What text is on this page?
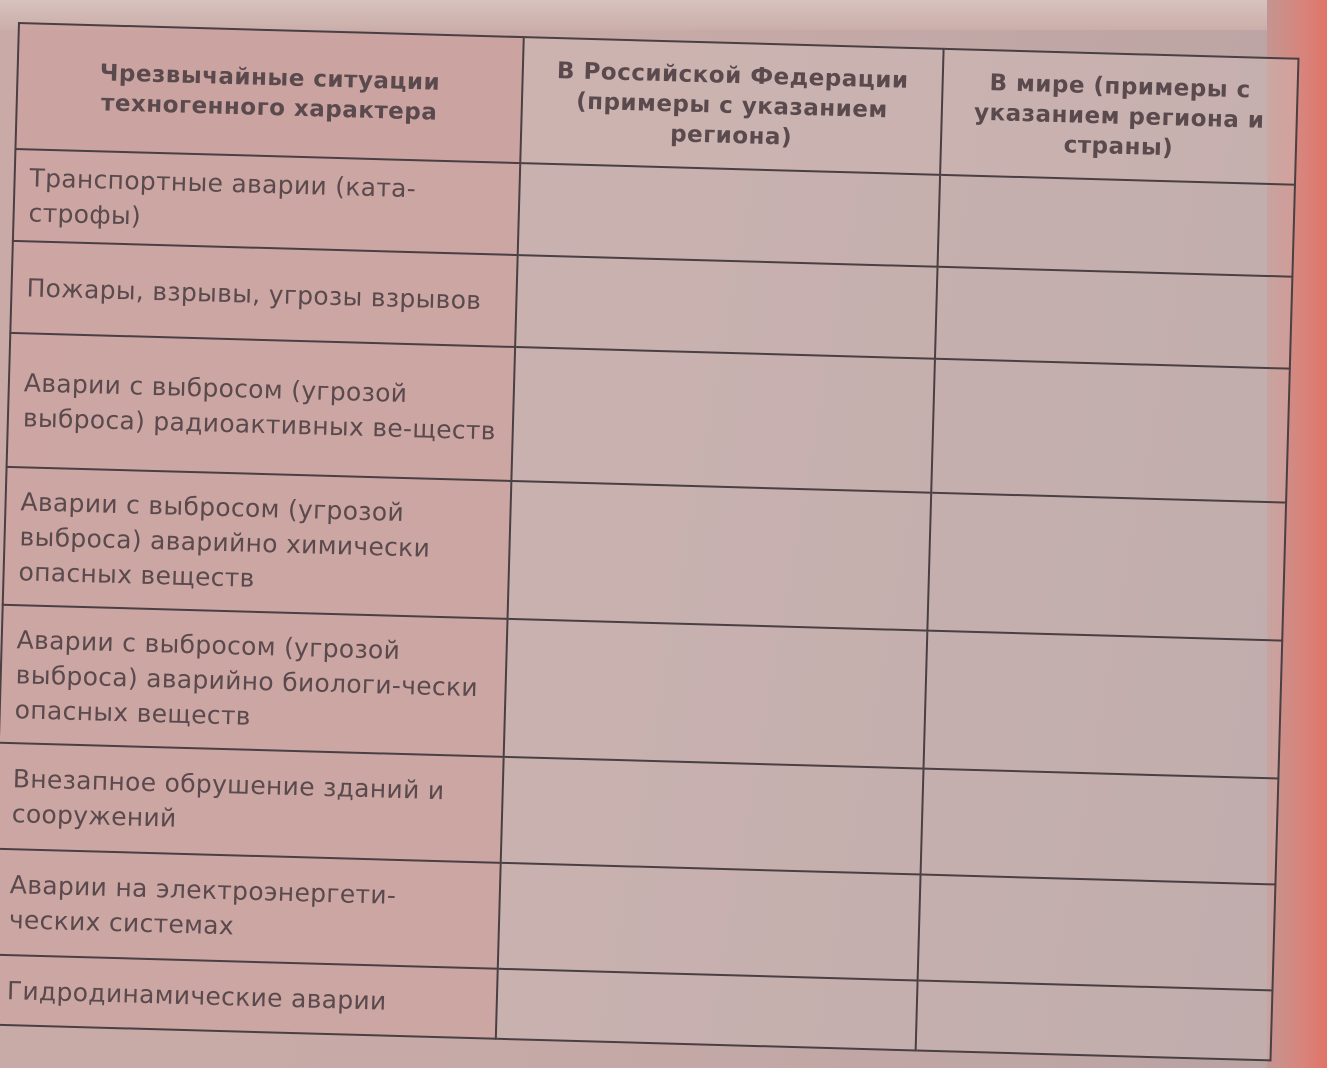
Чрезвычайные ситуации техногенного характера	В Российской Федерации (примеры с указанием региона)	В мире (примеры с указанием региона и страны)
Транспортные аварии (ката-строфы)		
Пожары, взрывы, угрозы взрывов		
Аварии с выбросом (угрозой выброса) радиоактивных ве-ществ		
Аварии с выбросом (угрозой выброса) аварийно химически опасных веществ		
Аварии с выбросом (угрозой выброса) аварийно биологи-чески опасных веществ		
Внезапное обрушение зданий и сооружений		
Аварии на электроэнергети-ческих системах		
Гидродинамические аварии		
